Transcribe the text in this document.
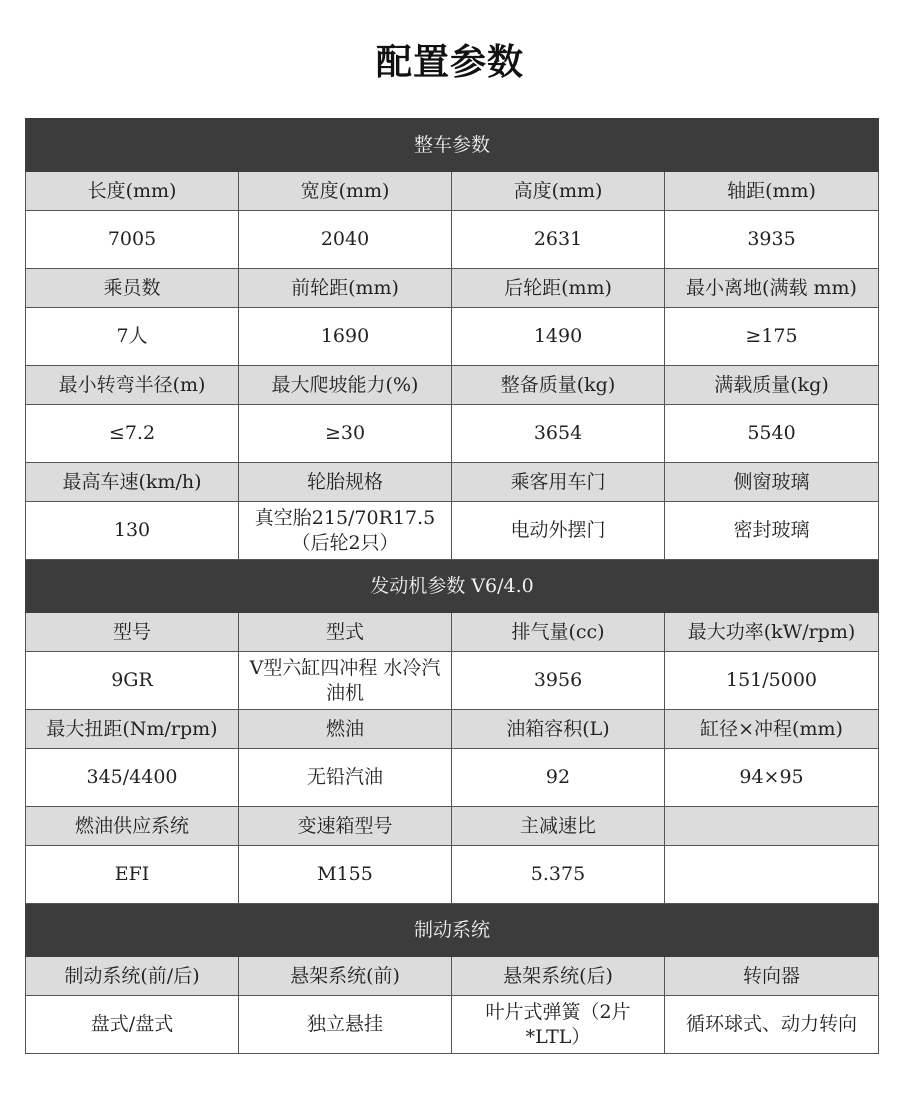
配置参数
整车参数			
长度(mm)	宽度(mm)	高度(mm)	轴距(mm)
7005	2040	2631	3935
乘员数	前轮距(mm)	后轮距(mm)	最小离地(满载 mm)
7人	1690	1490	≥175
最小转弯半径(m)	最大爬坡能力(%)	整备质量(kg)	满载质量(kg)
≤7.2	≥30	3654	5540
最高车速(km/h)	轮胎规格	乘客用车门	侧窗玻璃
130	真空胎215/70R17.5（后轮2只）	电动外摆门	密封玻璃
发动机参数 V6/4.0			
型号	型式	排气量(cc)	最大功率(kW/rpm)
9GR	V型六缸四冲程 水冷汽油机	3956	151/5000
最大扭距(Nm/rpm)	燃油	油箱容积(L)	缸径×冲程(mm)
345/4400	无铅汽油	92	94×95
燃油供应系统	变速箱型号	主减速比	
EFI	M155	5.375	
制动系统			
制动系统(前/后)	悬架系统(前)	悬架系统(后)	转向器
盘式/盘式	独立悬挂	叶片式弹簧（2片*LTL）	循环球式、动力转向
